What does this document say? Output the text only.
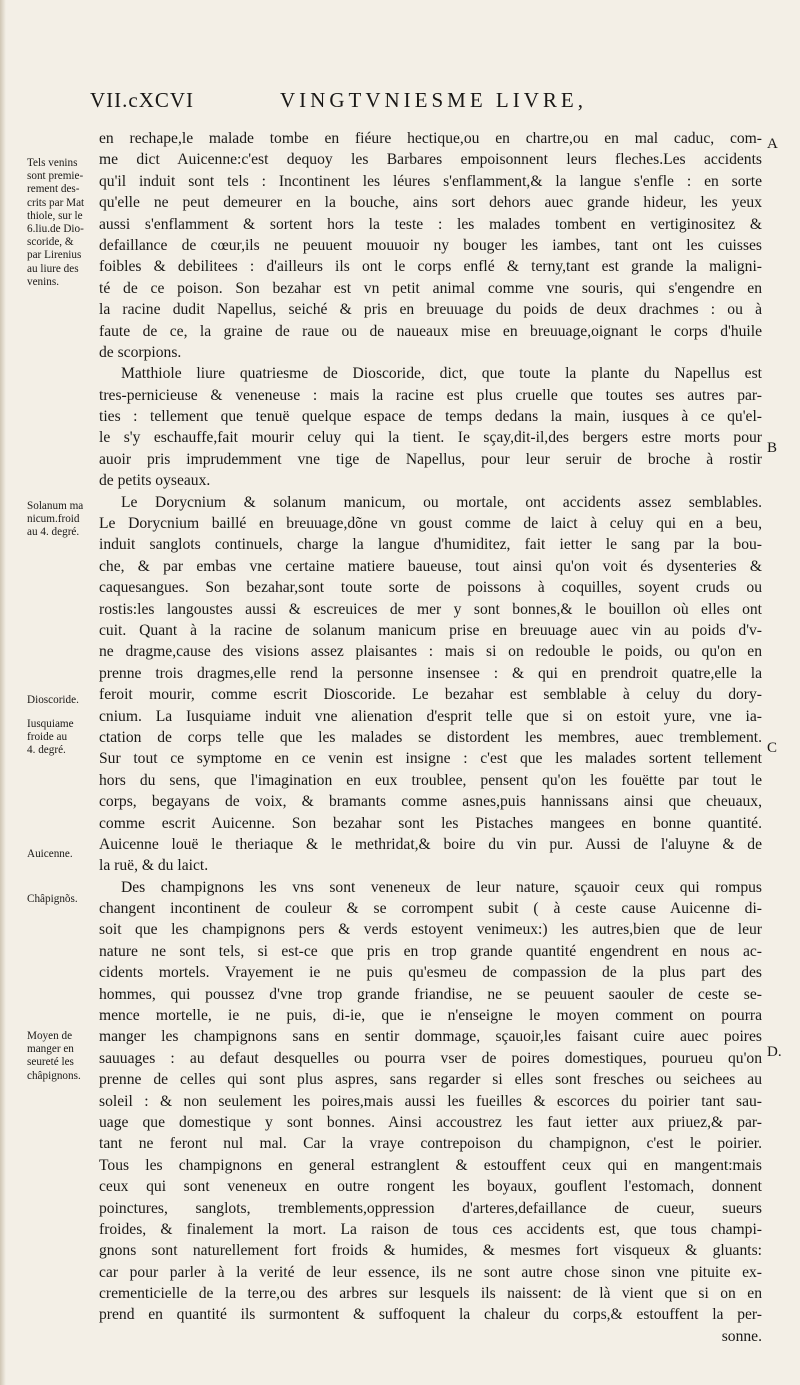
VII.cXCVI	VINGTVNIESME LIVRE,
en rechape,le malade tombe en fiéure hectique,ou en chartre,ou en mal caduc, com-
me dict Auicenne:c'est dequoy les Barbares empoisonnent leurs fleches.Les accidents
qu'il induit sont tels : Incontinent les léures s'enflamment,& la langue s'enfle : en sorte
qu'elle ne peut demeurer en la bouche, ains sort dehors auec grande hideur, les yeux
aussi s'enflamment & sortent hors la teste : les malades tombent en vertiginositez &
defaillance de cœur,ils ne peuuent mouuoir ny bouger les iambes, tant ont les cuisses
foibles & debilitees : d'ailleurs ils ont le corps enflé & terny,tant est grande la maligni-
té de ce poison. Son bezahar est vn petit animal comme vne souris, qui s'engendre en
la racine dudit Napellus, seiché & pris en breuuage du poids de deux drachmes : ou à
faute de ce, la graine de raue ou de naueaux mise en breuuage,oignant le corps d'huile
de scorpions.
Matthiole liure quatriesme de Dioscoride, dict, que toute la plante du Napellus est
tres-pernicieuse & veneneuse : mais la racine est plus cruelle que toutes ses autres par-
ties : tellement que tenuë quelque espace de temps dedans la main, iusques à ce qu'el-
le s'y eschauffe,fait mourir celuy qui la tient. Ie sçay,dit-il,des bergers estre morts pour
auoir pris imprudemment vne tige de Napellus, pour leur seruir de broche à rostir
de petits oyseaux.
Le Dorycnium & solanum manicum, ou mortale, ont accidents assez semblables.
Le Dorycnium baillé en breuuage,dõne vn goust comme de laict à celuy qui en a beu,
induit sanglots continuels, charge la langue d'humiditez, fait ietter le sang par la bou-
che, & par embas vne certaine matiere baueuse, tout ainsi qu'on voit és dysenteries &
caquesangues. Son bezahar,sont toute sorte de poissons à coquilles, soyent cruds ou
rostis:les langoustes aussi & escreuices de mer y sont bonnes,& le bouillon où elles ont
cuit. Quant à la racine de solanum manicum prise en breuuage auec vin au poids d'v-
ne dragme,cause des visions assez plaisantes : mais si on redouble le poids, ou qu'on en
prenne trois dragmes,elle rend la personne insensee : & qui en prendroit quatre,elle la
feroit mourir, comme escrit Dioscoride. Le bezahar est semblable à celuy du dory-
cnium. La Iusquiame induit vne alienation d'esprit telle que si on estoit yure, vne ia-
ctation de corps telle que les malades se distordent les membres, auec tremblement.
Sur tout ce symptome en ce venin est insigne : c'est que les malades sortent tellement
hors du sens, que l'imagination en eux troublee, pensent qu'on les fouëtte par tout le
corps, begayans de voix, & bramants comme asnes,puis hannissans ainsi que cheuaux,
comme escrit Auicenne. Son bezahar sont les Pistaches mangees en bonne quantité.
Auicenne louë le theriaque & le methridat,& boire du vin pur. Aussi de l'aluyne & de
la ruë, & du laict.
Des champignons les vns sont veneneux de leur nature, sçauoir ceux qui rompus
changent incontinent de couleur & se corrompent subit ( à ceste cause Auicenne di-
soit que les champignons pers & verds estoyent venimeux:) les autres,bien que de leur
nature ne sont tels, si est-ce que pris en trop grande quantité engendrent en nous ac-
cidents mortels. Vrayement ie ne puis qu'esmeu de compassion de la plus part des
hommes, qui poussez d'vne trop grande friandise, ne se peuuent saouler de ceste se-
mence mortelle, ie ne puis, di-ie, que ie n'enseigne le moyen comment on pourra
manger les champignons sans en sentir dommage, sçauoir,les faisant cuire auec poires
sauuages : au defaut desquelles ou pourra vser de poires domestiques, pourueu qu'on
prenne de celles qui sont plus aspres, sans regarder si elles sont fresches ou seichees au
soleil : & non seulement les poires,mais aussi les fueilles & escorces du poirier tant sau-
uage que domestique y sont bonnes. Ainsi accoustrez les faut ietter aux priuez,& par-
tant ne feront nul mal. Car la vraye contrepoison du champignon, c'est le poirier.
Tous les champignons en general estranglent & estouffent ceux qui en mangent:mais
ceux qui sont veneneux en outre rongent les boyaux, gouflent l'estomach, donnent
poinctures, sanglots, tremblements,oppression d'arteres,defaillance de cueur, sueurs
froides, & finalement la mort. La raison de tous ces accidents est, que tous champi-
gnons sont naturellement fort froids & humides, & mesmes fort visqueux & gluants:
car pour parler à la verité de leur essence, ils ne sont autre chose sinon vne pituite ex-
crementicielle de la terre,ou des arbres sur lesquels ils naissent: de là vient que si on en
prend en quantité ils surmontent & suffoquent la chaleur du corps,& estouffent la per-
sonne.
Tels venins
sont premie-
rement des-
crits par Mat
thiole, sur le
6.liu.de Dio-
scoride, &
par Lirenius
au liure des
venins.
Solanum ma
nicum.froid
au 4. degré.
Dioscoride.
Iusquiame
froide au
4. degré.
Auicenne.
Châpignõs.
Moyen de
manger en
seureté les
châpignons.
A
B
C
D.
